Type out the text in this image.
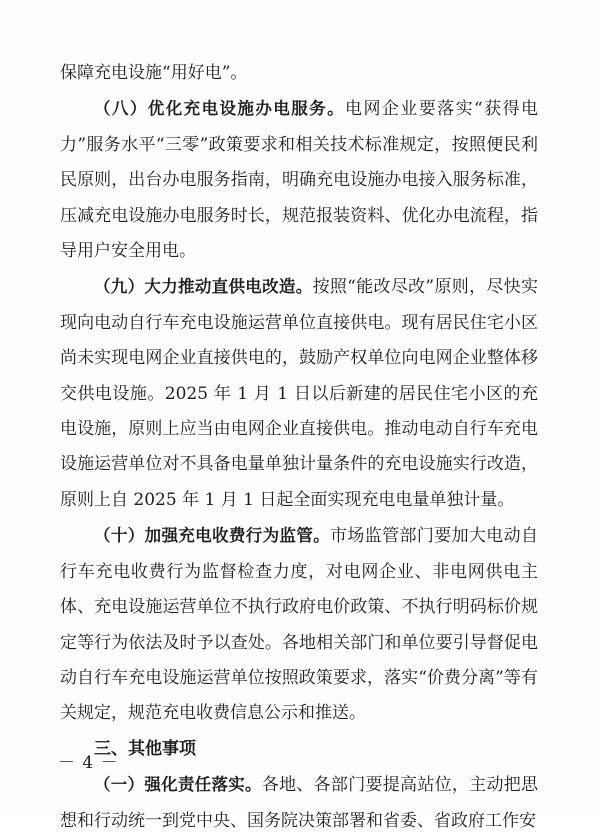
保障充电设施“用好电”。

（八）优化充电设施办电服务。电网企业要落实“获得电力”服务水平“三零”政策要求和相关技术标准规定，按照便民利民原则，出台办电服务指南，明确充电设施办电接入服务标准，压减充电设施办电服务时长，规范报装资料、优化办电流程，指导用户安全用电。

（九）大力推动直供电改造。按照“能改尽改”原则，尽快实现向电动自行车充电设施运营单位直接供电。现有居民住宅小区尚未实现电网企业直接供电的，鼓励产权单位向电网企业整体移交供电设施。2025 年 1 月 1 日以后新建的居民住宅小区的充电设施，原则上应当由电网企业直接供电。推动电动自行车充电设施运营单位对不具备电量单独计量条件的充电设施实行改造，原则上自 2025 年 1 月 1 日起全面实现充电电量单独计量。

（十）加强充电收费行为监管。市场监管部门要加大电动自行车充电收费行为监督检查力度，对电网企业、非电网供电主体、充电设施运营单位不执行政府电价政策、不执行明码标价规定等行为依法及时予以查处。各地相关部门和单位要引导督促电动自行车充电设施运营单位按照政策要求，落实“价费分离”等有关规定，规范充电收费信息公示和推送。

三、其他事项

（一）强化责任落实。各地、各部门要提高站位，主动把思想和行动统一到党中央、国务院决策部署和省委、省政府工作安

－ 4 －
